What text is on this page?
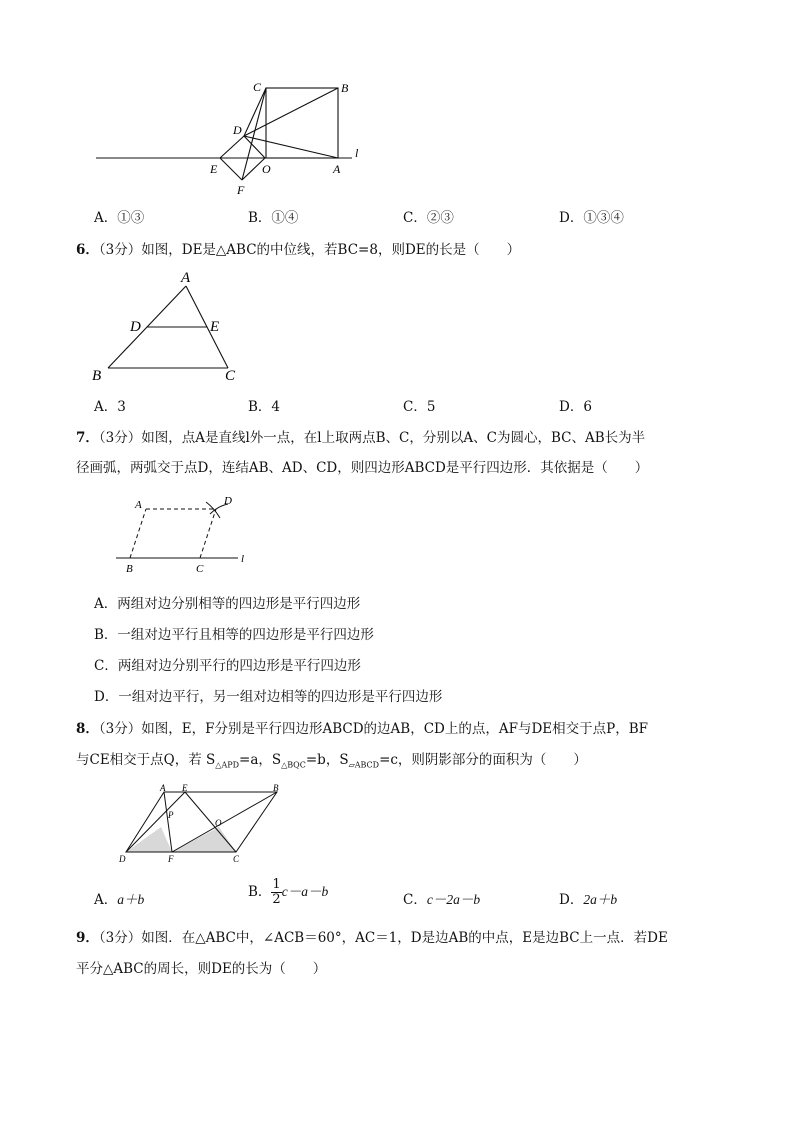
C	B
D
l
E	O	A
F
A．①③	B．①④	C．②③	D．①③④
6．（3分）如图，DE是△ABC的中位线，若BC=8，则DE的长是（　　）
A
D	E
B	C
A．3	B．4	C．5	D．6
7．（3分）如图，点A是直线l外一点，在l上取两点B、C，分别以A、C为圆心，BC、AB长为半
径画弧，两弧交于点D，连结AB、AD、CD，则四边形ABCD是平行四边形．其依据是（　　）
A	D
B	C
l
A．两组对边分别相等的四边形是平行四边形
B．一组对边平行且相等的四边形是平行四边形
C．两组对边分别平行的四边形是平行四边形
D．一组对边平行，另一组对边相等的四边形是平行四边形
8．（3分）如图，E，F分别是平行四边形ABCD的边AB，CD上的点，AF与DE相交于点P，BF
与CE相交于点Q，若 $S_{\triangle APD}=a$，$S_{\triangle BQC}=b$，$S_{▱ABCD}=c$，则阴影部分的面积为（　　）
A E	B
P
O
D	F	C
A．a＋b	B． $\frac{1}{2} c-a-b$
C．c－2a－b	D．2a＋b
9．（3分）如图．在△ABC中，∠ACB＝60°，AC＝1，D是边AB的中点，E是边BC上一点．若DE
平分△ABC的周长，则DE的长为（　　）
